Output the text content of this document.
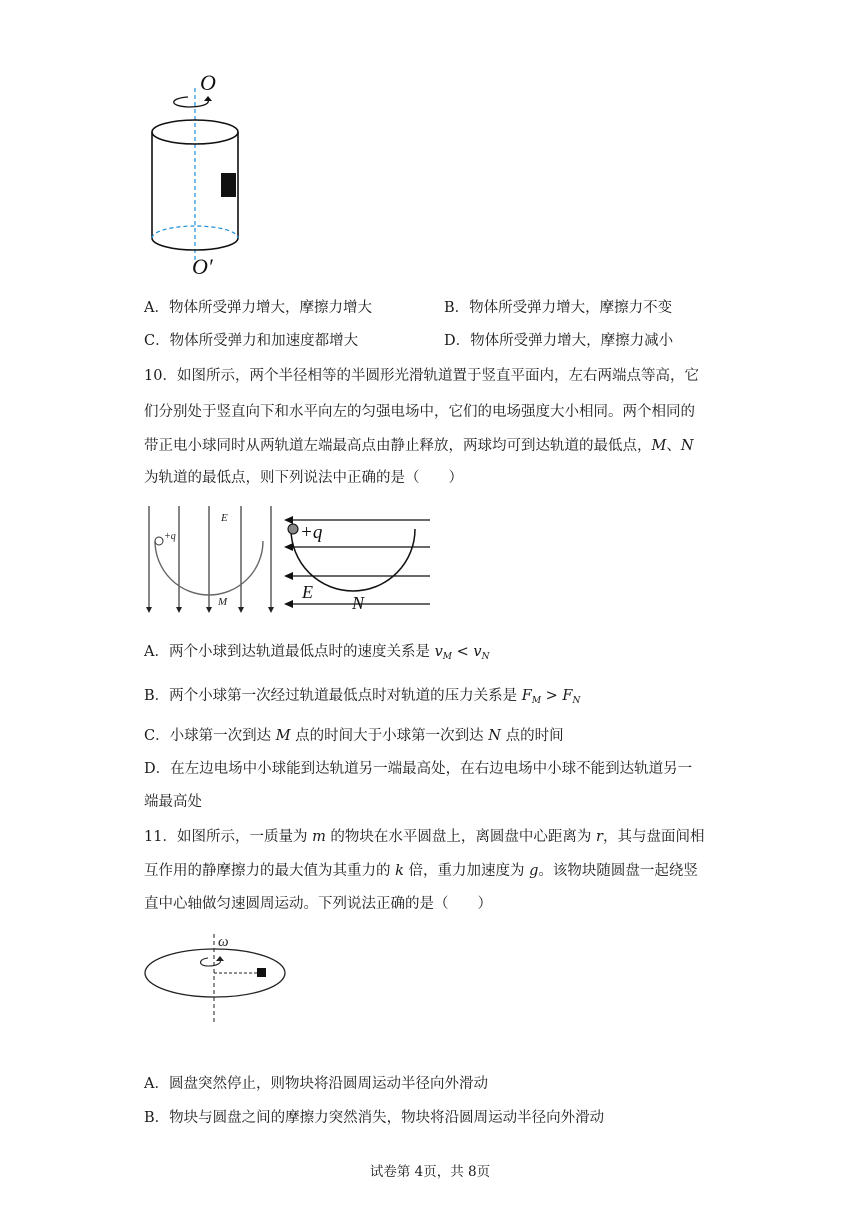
O
O′
A．物体所受弹力增大，摩擦力增大	B．物体所受弹力增大，摩擦力不变
C．物体所受弹力和加速度都增大	D．物体所受弹力增大，摩擦力减小
10．如图所示，两个半径相等的半圆形光滑轨道置于竖直平面内，左右两端点等高，它
们分别处于竖直向下和水平向左的匀强电场中，它们的电场强度大小相同。两个相同的
带正电小球同时从两轨道左端最高点由静止释放，两球均可到达轨道的最低点，M、N
为轨道的最低点，则下列说法中正确的是（　　）
+q
E
M
+q
E
N
A．两个小球到达轨道最低点时的速度关系是 $v_M < v_N$
B．两个小球第一次经过轨道最低点时对轨道的压力关系是 $F_M > F_N$
C．小球第一次到达 M 点的时间大于小球第一次到达 N 点的时间
D．在左边电场中小球能到达轨道另一端最高处，在右边电场中小球不能到达轨道另一
端最高处
11．如图所示，一质量为 m 的物块在水平圆盘上，离圆盘中心距离为 r，其与盘面间相
互作用的静摩擦力的最大值为其重力的 k 倍，重力加速度为 g。该物块随圆盘一起绕竖
直中心轴做匀速圆周运动。下列说法正确的是（　　）
ω
A．圆盘突然停止，则物块将沿圆周运动半径向外滑动
B．物块与圆盘之间的摩擦力突然消失，物块将沿圆周运动半径向外滑动
试卷第 4页，共 8页
